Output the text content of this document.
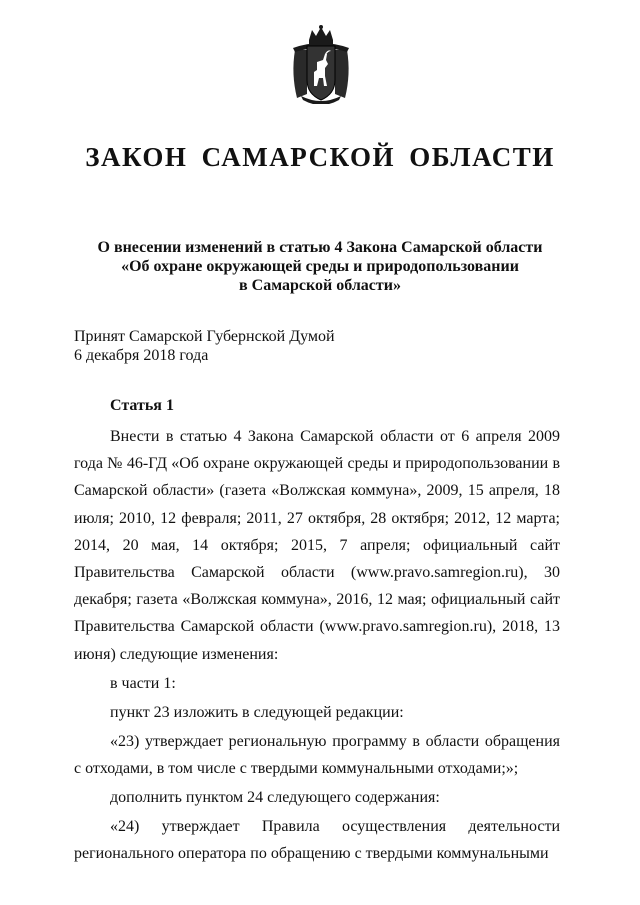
ЗАКОН САМАРСКОЙ ОБЛАСТИ
О внесении изменений в статью 4 Закона Самарской области
«Об охране окружающей среды и природопользовании
в Самарской области»
Принят Самарской Губернской Думой
6 декабря 2018 года
Статья 1
Внести в статью 4 Закона Самарской области от 6 апреля 2009 года № 46-ГД «Об охране окружающей среды и природопользовании в Самарской области» (газета «Волжская коммуна», 2009, 15 апреля, 18 июля; 2010, 12 февраля; 2011, 27 октября, 28 октября; 2012, 12 марта; 2014, 20 мая, 14 октября; 2015, 7 апреля; официальный сайт Правительства Самарской области (www.pravo.samregion.ru), 30 декабря; газета «Волжская коммуна», 2016, 12 мая; официальный сайт Правительства Самарской области (www.pravo.samregion.ru), 2018, 13 июня) следующие изменения:
в части 1:
пункт 23 изложить в следующей редакции:
«23) утверждает региональную программу в области обращения с отходами, в том числе с твердыми коммунальными отходами;»;
дополнить пунктом 24 следующего содержания:
«24) утверждает Правила осуществления деятельности регионального оператора по обращению с твердыми коммунальными
